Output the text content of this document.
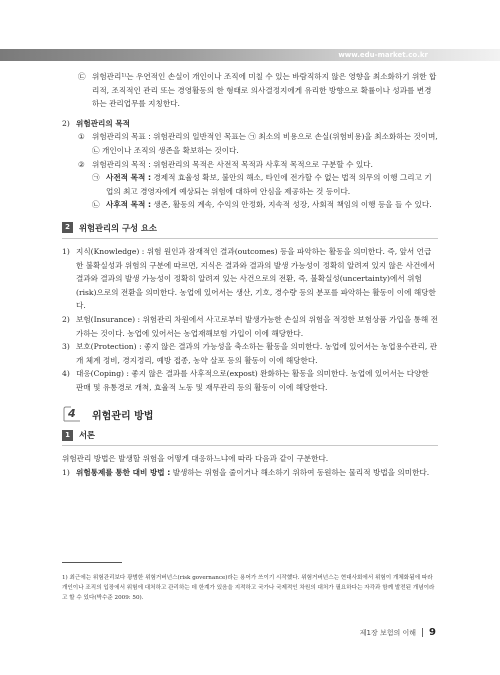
www.edu-market.co.kr

㉢ 위험관리¹⁾는 우연적인 손실이 개인이나 조직에 미칠 수 있는 바람직하지 않은 영향을 최소화하기 위한 합리적, 조직적인 관리 또는 경영활동의 한 형태로 의사결정지에게 유리한 방향으로 확률이나 성과를 변경하는 관리업무를 지칭한다.

2) 위험관리의 목적

① 위험관리의 목표 : 위험관리의 일반적인 목표는 ㉠ 최소의 비용으로 손실(위험비용)을 최소화하는 것이며, ㉡ 개인이나 조직의 생존을 확보하는 것이다.

② 위험관리의 목적 : 위험관리의 목적은 사전적 목적과 사후적 목적으로 구분할 수 있다.

㉠ 사전적 목적 : 경제적 효율성 확보, 불안의 해소, 타인에 전가할 수 없는 법적 의무의 이행 그리고 기업의 최고 경영자에게 예상되는 위험에 대하여 안심을 제공하는 것 등이다.

㉡ 사후적 목적 : 생존, 활동의 계속, 수익의 안정화, 지속적 성장, 사회적 책임의 이행 등을 들 수 있다.

2	위험관리의 구성 요소

1) 지식(Knowledge) : 위험 원인과 잠재적인 결과(outcomes) 등을 파악하는 활동을 의미한다. 즉, 앞서 언급한 불확실성과 위험의 구분에 따르면, 지식은 결과와 결과의 발생 가능성이 정확히 알려져 있지 않은 사건에서 결과와 결과의 발생 가능성이 정확히 알려져 있는 사건으로의 전환, 즉, 불확실성(uncertainty)에서 위험(risk)으로의 전환을 의미한다. 농업에 있어서는 생산, 기호, 경수량 등의 분포를 파악하는 활동이 이에 해당한다.

2) 보험(Insurance) : 위험관리 차원에서 사고로부터 발생가능한 손실의 위험을 적정한 보험상품 가입을 통해 전가하는 것이다. 농업에 있어서는 농업재해보험 가입이 이에 해당한다.

3) 보호(Protection) : 좋지 않은 결과의 가능성을 축소하는 활동을 의미한다. 농업에 있어서는 농업용수관리, 관개 체계 정비, 경지정리, 예방 접종, 농약 살포 등의 활동이 이에 해당한다.

4) 대응(Coping) : 좋지 않은 결과를 사후적으로(expost) 완화하는 활동을 의미한다. 농업에 있어서는 다양한 판매 및 유통경로 개척, 효율적 노동 및 재무관리 등의 활동이 이에 해당한다.

4 위험관리 방법
1	서론

위험관리 방법은 발생할 위험을 어떻게 대응하느냐에 따라 다음과 같이 구분한다.

1) 위험통제를 통한 대비 방법 : 발생하는 위험을 줄이거나 해소하기 위하여 동원하는 물리적 방법을 의미한다.

1) 최근에는 위험관리보다 광범한 위험거버넌스(risk governance)라는 용어가 쓰이기 시작했다. 위험거버넌스는 현대사회에서 위험이 개체화됨에 따라 개인이나 조직의 입장에서 위험에 대처하고 관리하는 데 한계가 있음을 지적하고 국가나 국제적인 차원의 대처가 필요하다는 자각과 함께 발전된 개념이라고 할 수 있다(박수준 2009: 50).

제1장 보험의 이해 9
